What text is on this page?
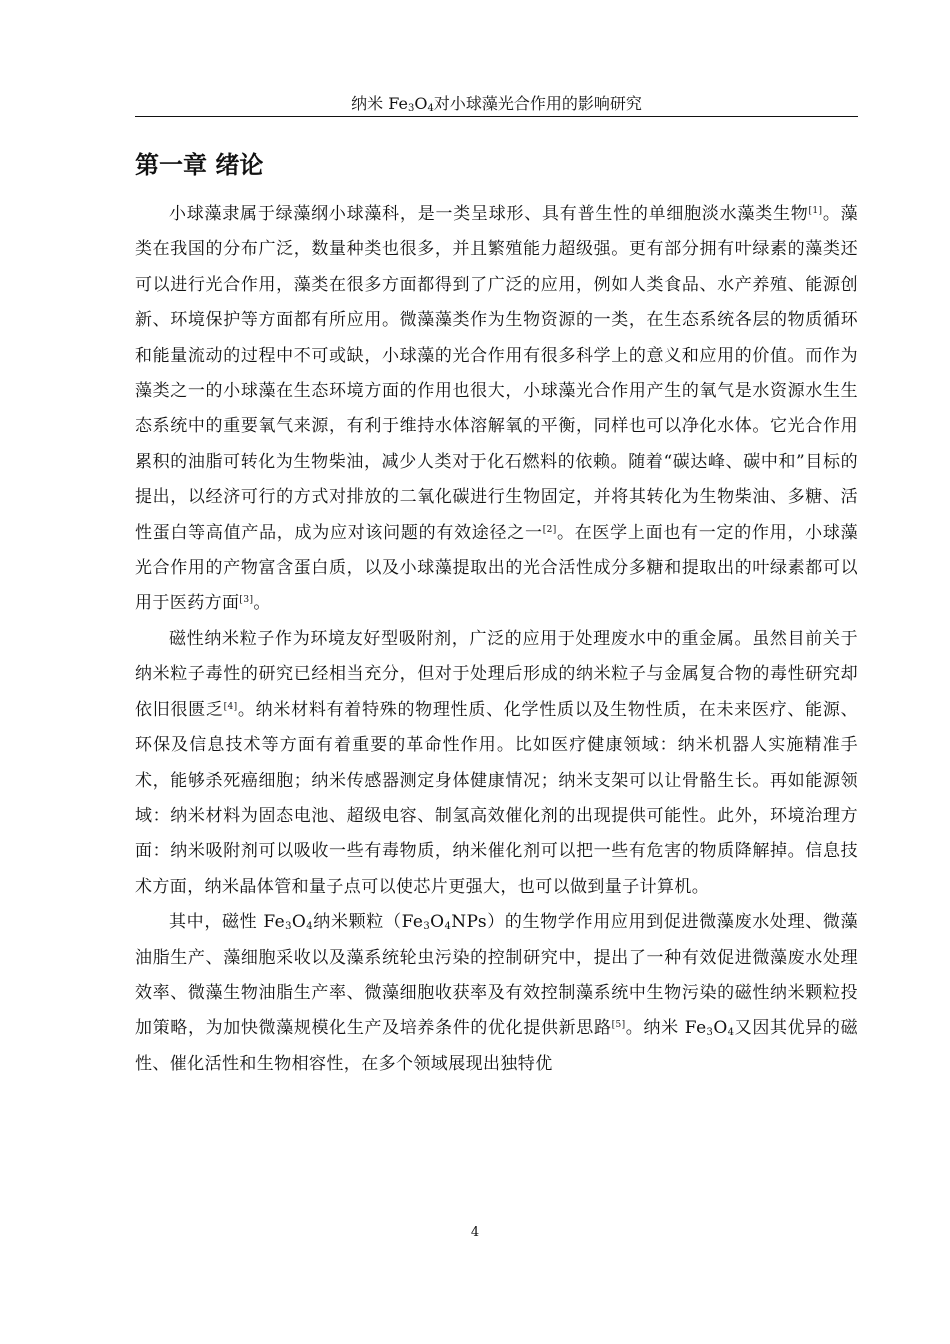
纳米 $Fe_3O_4$对小球藻光合作用的影响研究
第一章 绪论

小球藻隶属于绿藻纲小球藻科，是一类呈球形、具有普生性的单细胞淡水藻类生物[1]。藻类在我国的分布广泛，数量种类也很多，并且繁殖能力超级强。更有部分拥有叶绿素的藻类还可以进行光合作用，藻类在很多方面都得到了广泛的应用，例如人类食品、水产养殖、能源创新、环境保护等方面都有所应用。微藻藻类作为生物资源的一类，在生态系统各层的物质循环和能量流动的过程中不可或缺，小球藻的光合作用有很多科学上的意义和应用的价值。而作为藻类之一的小球藻在生态环境方面的作用也很大，小球藻光合作用产生的氧气是水资源水生生态系统中的重要氧气来源，有利于维持水体溶解氧的平衡，同样也可以净化水体。它光合作用累积的油脂可转化为生物柴油，减少人类对于化石燃料的依赖。随着“碳达峰、碳中和”目标的提出，以经济可行的方式对排放的二氧化碳进行生物固定，并将其转化为生物柴油、多糖、活性蛋白等高值产品，成为应对该问题的有效途径之一[2]。在医学上面也有一定的作用，小球藻光合作用的产物富含蛋白质，以及小球藻提取出的光合活性成分多糖和提取出的叶绿素都可以用于医药方面[3]。

磁性纳米粒子作为环境友好型吸附剂，广泛的应用于处理废水中的重金属。虽然目前关于纳米粒子毒性的研究已经相当充分，但对于处理后形成的纳米粒子与金属复合物的毒性研究却依旧很匮乏[4]。纳米材料有着特殊的物理性质、化学性质以及生物性质，在未来医疗、能源、环保及信息技术等方面有着重要的革命性作用。比如医疗健康领域：纳米机器人实施精准手术，能够杀死癌细胞；纳米传感器测定身体健康情况；纳米支架可以让骨骼生长。再如能源领域：纳米材料为固态电池、超级电容、制氢高效催化剂的出现提供可能性。此外，环境治理方面：纳米吸附剂可以吸收一些有毒物质，纳米催化剂可以把一些有危害的物质降解掉。信息技术方面，纳米晶体管和量子点可以使芯片更强大，也可以做到量子计算机。

其中，磁性 $Fe_3O_4$纳米颗粒$(Fe_3O_4NPs)$的生物学作用应用到促进微藻废水处理、微藻油脂生产、藻细胞采收以及藻系统轮虫污染的控制研究中，提出了一种有效促进微藻废水处理效率、微藻生物油脂生产率、微藻细胞收获率及有效控制藻系统中生物污染的磁性纳米颗粒投加策略，为加快微藻规模化生产及培养条件的优化提供新思路[5]。纳米 $Fe_3O_4$又因其优异的磁性、催化活性和生物相容性，在多个领域展现出独特优

4
